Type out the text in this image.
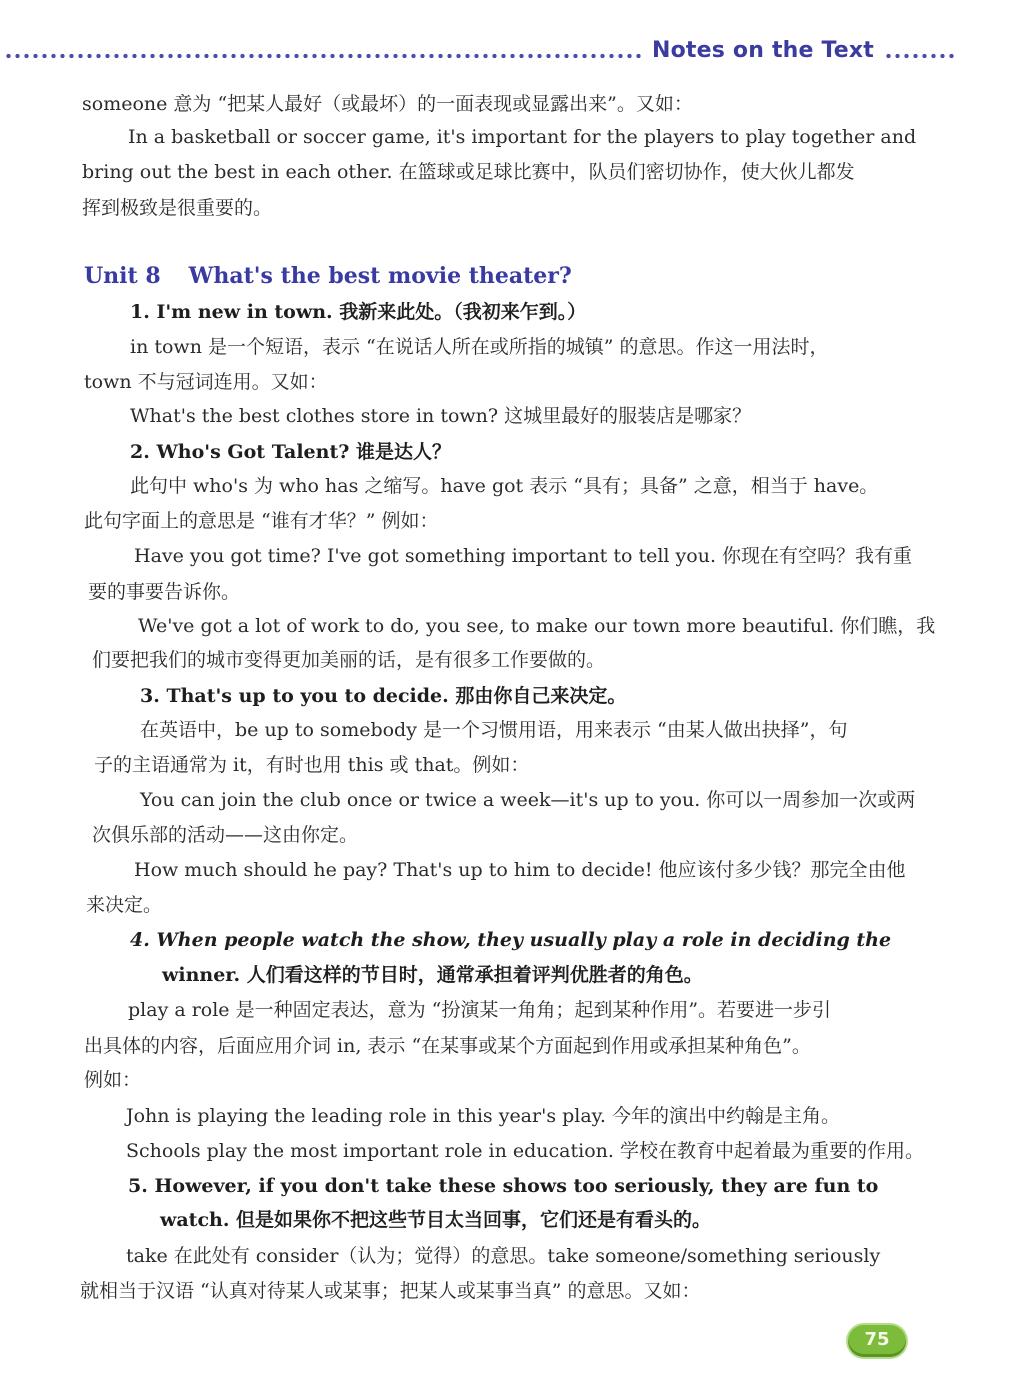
Notes on the Text
someone 意为 “把某人最好（或最坏）的一面表现或显露出来”。又如：
In a basketball or soccer game, it's important for the players to play together and
bring out the best in each other. 在篮球或足球比赛中，队员们密切协作，使大伙儿都发
挥到极致是很重要的。
Unit 8 What's the best movie theater?
1. I'm new in town. 我新来此处。（我初来乍到。）
in town 是一个短语，表示 “在说话人所在或所指的城镇” 的意思。作这一用法时，
town 不与冠词连用。又如：
What's the best clothes store in town? 这城里最好的服装店是哪家？
2. Who's Got Talent? 谁是达人？
此句中 who's 为 who has 之缩写。have got 表示 “具有；具备” 之意，相当于 have。
此句字面上的意思是 “谁有才华？” 例如：
Have you got time? I've got something important to tell you. 你现在有空吗？我有重
要的事要告诉你。
We've got a lot of work to do, you see, to make our town more beautiful. 你们瞧，我
们要把我们的城市变得更加美丽的话，是有很多工作要做的。
3. That's up to you to decide. 那由你自己来决定。
在英语中，be up to somebody 是一个习惯用语，用来表示 “由某人做出抉择”，句
子的主语通常为 it，有时也用 this 或 that。例如：
You can join the club once or twice a week—it's up to you. 你可以一周参加一次或两
次俱乐部的活动——这由你定。
How much should he pay? That's up to him to decide! 他应该付多少钱？那完全由他
来决定。
4. When people watch the show, they usually play a role in deciding the
winner. 人们看这样的节目时，通常承担着评判优胜者的角色。
play a role 是一种固定表达，意为 “扮演某一角角；起到某种作用”。若要进一步引
出具体的内容，后面应用介词 in, 表示 “在某事或某个方面起到作用或承担某种角色”。
例如：
John is playing the leading role in this year's play. 今年的演出中约翰是主角。
Schools play the most important role in education. 学校在教育中起着最为重要的作用。
5. However, if you don't take these shows too seriously, they are fun to
watch. 但是如果你不把这些节目太当回事，它们还是有看头的。
take 在此处有 consider（认为；觉得）的意思。take someone/something seriously
就相当于汉语 “认真对待某人或某事；把某人或某事当真” 的意思。又如：
75
